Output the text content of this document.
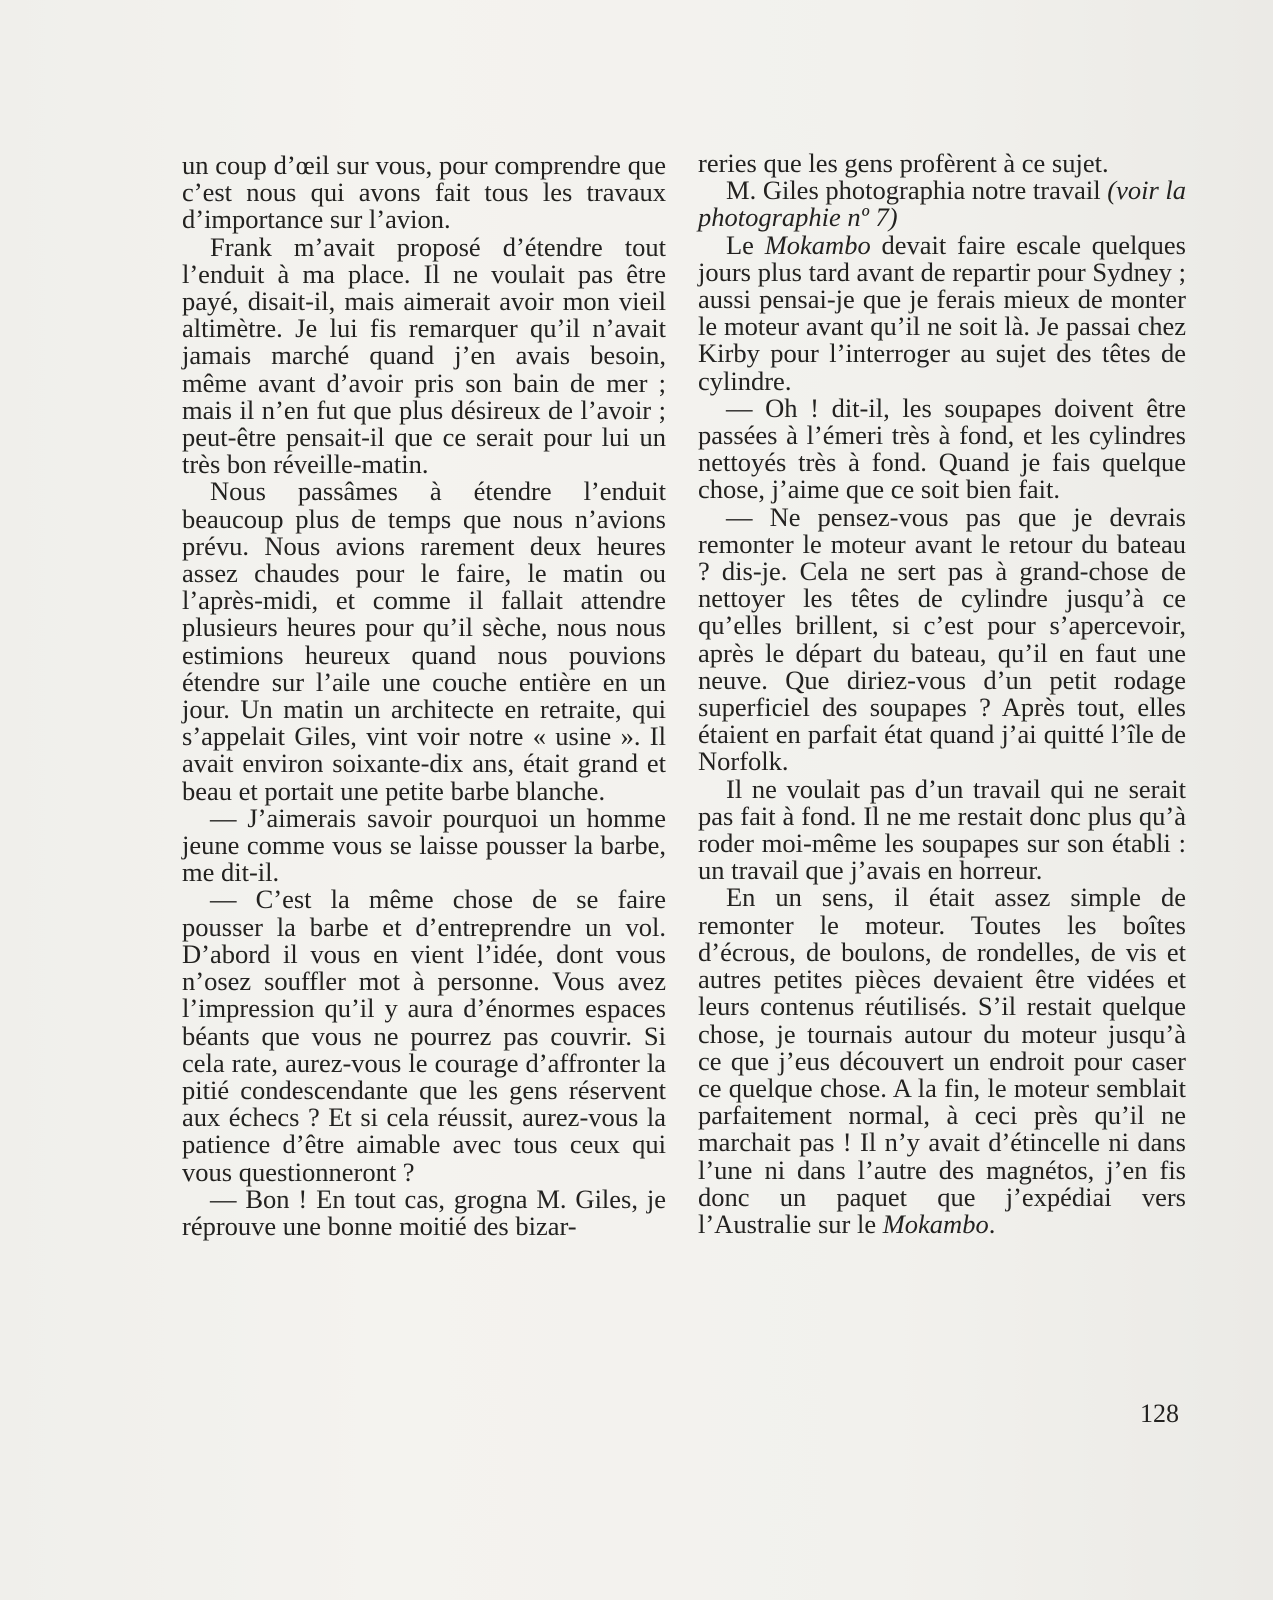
un coup d’œil sur vous, pour comprendre que c’est nous qui avons fait tous les travaux d’importance sur l’avion.

Frank m’avait proposé d’étendre tout l’enduit à ma place. Il ne voulait pas être payé, disait-il, mais aimerait avoir mon vieil altimètre. Je lui fis remarquer qu’il n’avait jamais marché quand j’en avais besoin, même avant d’avoir pris son bain de mer ; mais il n’en fut que plus désireux de l’avoir ; peut-être pensait-il que ce serait pour lui un très bon réveille-matin.

Nous passâmes à étendre l’enduit beaucoup plus de temps que nous n’avions prévu. Nous avions rarement deux heures assez chaudes pour le faire, le matin ou l’après-midi, et comme il fallait attendre plusieurs heures pour qu’il sèche, nous nous estimions heureux quand nous pouvions étendre sur l’aile une couche entière en un jour. Un matin un architecte en retraite, qui s’appelait Giles, vint voir notre « usine ». Il avait environ soixante-dix ans, était grand et beau et portait une petite barbe blanche.

— J’aimerais savoir pourquoi un homme jeune comme vous se laisse pousser la barbe, me dit-il.

— C’est la même chose de se faire pousser la barbe et d’entreprendre un vol. D’abord il vous en vient l’idée, dont vous n’osez souffler mot à personne. Vous avez l’impression qu’il y aura d’énormes espaces béants que vous ne pourrez pas couvrir. Si cela rate, aurez-vous le courage d’affronter la pitié condescendante que les gens réservent aux échecs ? Et si cela réussit, aurez-vous la patience d’être aimable avec tous ceux qui vous questionneront ?

— Bon ! En tout cas, grogna M. Giles, je réprouve une bonne moitié des bizar-

reries que les gens profèrent à ce sujet.

M. Giles photographia notre travail (voir la photographie nº 7)

Le Mokambo devait faire escale quelques jours plus tard avant de repartir pour Sydney ; aussi pensai-je que je ferais mieux de monter le moteur avant qu’il ne soit là. Je passai chez Kirby pour l’interroger au sujet des têtes de cylindre.

— Oh ! dit-il, les soupapes doivent être passées à l’émeri très à fond, et les cylindres nettoyés très à fond. Quand je fais quelque chose, j’aime que ce soit bien fait.

— Ne pensez-vous pas que je devrais remonter le moteur avant le retour du bateau ? dis-je. Cela ne sert pas à grand-chose de nettoyer les têtes de cylindre jusqu’à ce qu’elles brillent, si c’est pour s’apercevoir, après le départ du bateau, qu’il en faut une neuve. Que diriez-vous d’un petit rodage superficiel des soupapes ? Après tout, elles étaient en parfait état quand j’ai quitté l’île de Norfolk.

Il ne voulait pas d’un travail qui ne serait pas fait à fond. Il ne me restait donc plus qu’à roder moi-même les soupapes sur son établi : un travail que j’avais en horreur.

En un sens, il était assez simple de remonter le moteur. Toutes les boîtes d’écrous, de boulons, de rondelles, de vis et autres petites pièces devaient être vidées et leurs contenus réutilisés. S’il restait quelque chose, je tournais autour du moteur jusqu’à ce que j’eus découvert un endroit pour caser ce quelque chose. A la fin, le moteur semblait parfaitement normal, à ceci près qu’il ne marchait pas ! Il n’y avait d’étincelle ni dans l’une ni dans l’autre des magnétos, j’en fis donc un paquet que j’expédiai vers l’Australie sur le Mokambo.

128
